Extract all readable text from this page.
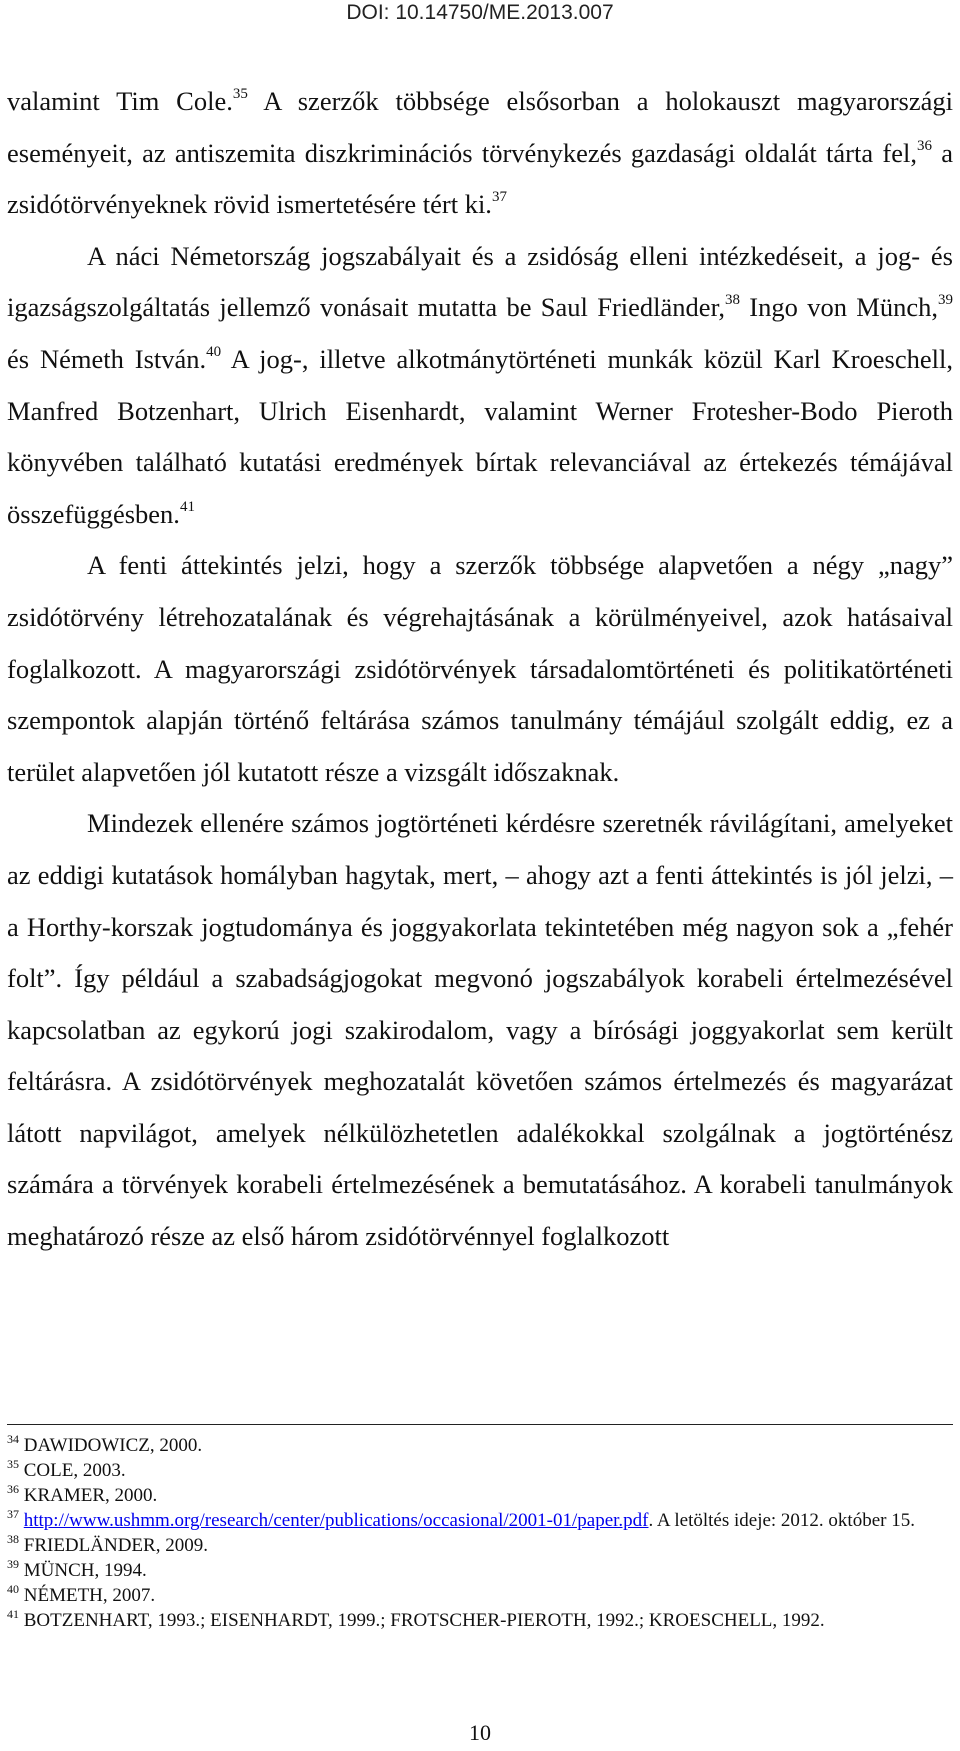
DOI: 10.14750/ME.2013.007

valamint Tim Cole.$^{35}$ A szerzők többsége elsősorban a holokauszt magyarországi eseményeit, az antiszemita diszkriminációs törvénykezés gazdasági oldalát tárta fel,$^{36}$ a zsidótörvényeknek rövid ismertetésére tért ki.$^{37}$

A náci Németország jogszabályait és a zsidóság elleni intézkedéseit, a jog- és igazságszolgáltatás jellemző vonásait mutatta be Saul Friedländer,$^{38}$ Ingo von Münch,$^{39}$ és Németh István.$^{40}$ A jog-, illetve alkotmánytörténeti munkák közül Karl Kroeschell, Manfred Botzenhart, Ulrich Eisenhardt, valamint Werner Frotesher-Bodo Pieroth könyvében található kutatási eredmények bírtak relevanciával az értekezés témájával összefüggésben.$^{41}$

A fenti áttekintés jelzi, hogy a szerzők többsége alapvetően a négy „nagy” zsidótörvény létrehozatalának és végrehajtásának a körülményeivel, azok hatásaival foglalkozott. A magyarországi zsidótörvények társadalomtörténeti és politikatörténeti szempontok alapján történő feltárása számos tanulmány témájául szolgált eddig, ez a terület alapvetően jól kutatott része a vizsgált időszaknak.

Mindezek ellenére számos jogtörténeti kérdésre szeretnék rávilágítani, amelyeket az eddigi kutatások homályban hagytak, mert, – ahogy azt a fenti áttekintés is jól jelzi, – a Horthy-korszak jogtudománya és joggyakorlata tekintetében még nagyon sok a „fehér folt”. Így például a szabadságjogokat megvonó jogszabályok korabeli értelmezésével kapcsolatban az egykorú jogi szakirodalom, vagy a bírósági joggyakorlat sem került feltárásra. A zsidótörvények meghozatalát követően számos értelmezés és magyarázat látott napvilágot, amelyek nélkülözhetetlen adalékokkal szolgálnak a jogtörténész számára a törvények korabeli értelmezésének a bemutatásához. A korabeli tanulmányok meghatározó része az első három zsidótörvénnyel foglalkozott

$^{34}$ DAWIDOWICZ, 2000.

$^{35}$ COLE, 2003.

$^{36}$ KRAMER, 2000.

$^{37}$ http://www.ushmm.org/research/center/publications/occasional/2001-01/paper.pdf. A letöltés ideje: 2012. október 15.

$^{38}$ FRIEDLÄNDER, 2009.

$^{39}$ MÜNCH, 1994.

$^{40}$ NÉMETH, 2007.

$^{41}$ BOTZENHART, 1993.; EISENHARDT, 1999.; FROTSCHER-PIEROTH, 1992.; KROESCHELL, 1992.

10
